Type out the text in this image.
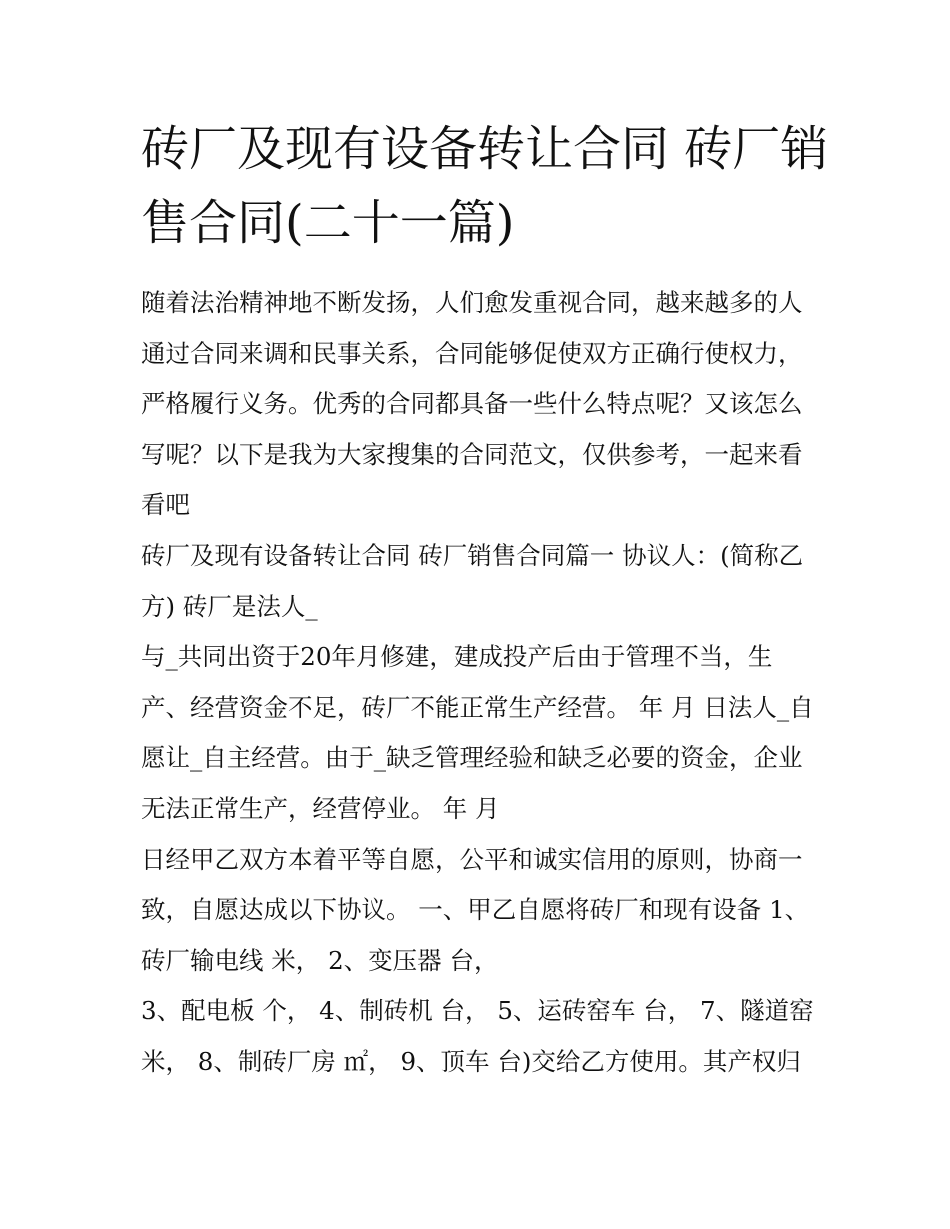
砖厂及现有设备转让合同 砖厂销售合同(二十一篇)

随着法治精神地不断发扬，人们愈发重视合同，越来越多的人通过合同来调和民事关系，合同能够促使双方正确行使权力，严格履行义务。优秀的合同都具备一些什么特点呢？又该怎么写呢？以下是我为大家搜集的合同范文，仅供参考，一起来看看吧

砖厂及现有设备转让合同 砖厂销售合同篇一 协议人：(简称乙方) 砖厂是法人_

与_共同出资于20年月修建，建成投产后由于管理不当，生产、经营资金不足，砖厂不能正常生产经营。 年 月 日法人_自愿让_自主经营。由于_缺乏管理经验和缺乏必要的资金，企业无法正常生产，经营停业。 年 月

日经甲乙双方本着平等自愿，公平和诚实信用的原则，协商一致，自愿达成以下协议。 一、甲乙自愿将砖厂和现有设备 1、砖厂输电线 米， 2、变压器 台，

3、配电板 个， 4、制砖机 台， 5、运砖窑车 台， 7、隧道窑 米， 8、制砖厂房 ㎡， 9、顶车 台)交给乙方使用。其产权归
